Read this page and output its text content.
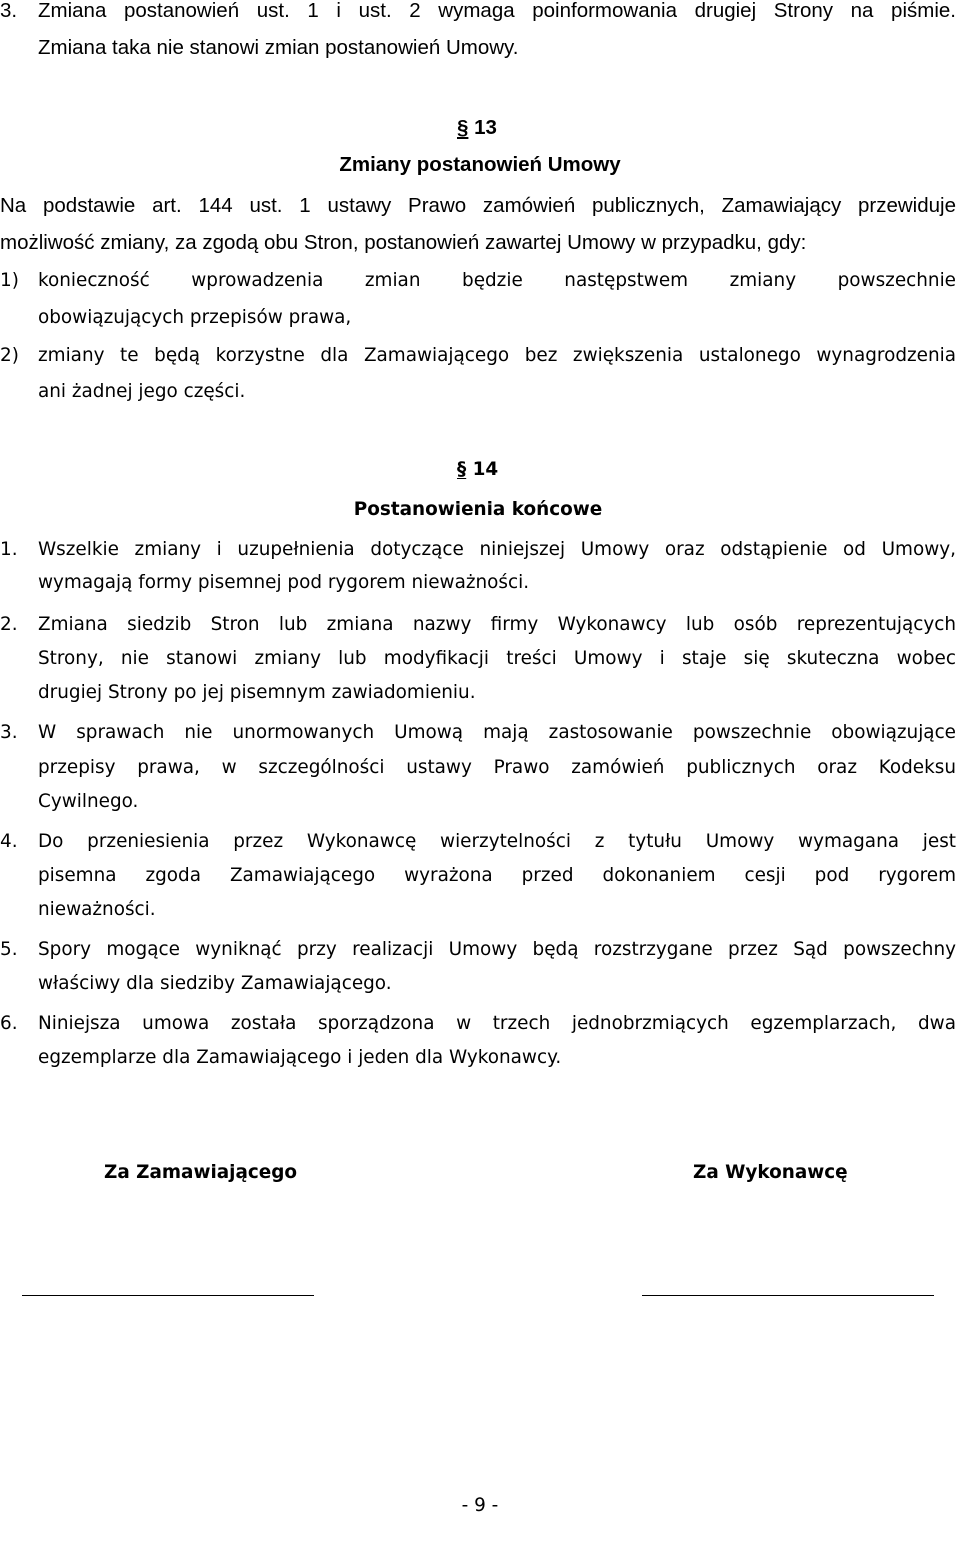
3. Zmiana postanowień ust. 1 i ust. 2 wymaga poinformowania drugiej Strony na piśmie.
Zmiana taka nie stanowi zmian postanowień Umowy.
§ 13
Zmiany postanowień Umowy
Na podstawie art. 144 ust. 1 ustawy Prawo zamówień publicznych, Zamawiający przewiduje
możliwość zmiany, za zgodą obu Stron, postanowień zawartej Umowy w przypadku, gdy:
1) konieczność wprowadzenia zmian będzie następstwem zmiany powszechnie
obowiązujących przepisów prawa,
2) zmiany te będą korzystne dla Zamawiającego bez zwiększenia ustalonego wynagrodzenia
ani żadnej jego części.
§ 14
Postanowienia końcowe
1. Wszelkie zmiany i uzupełnienia dotyczące niniejszej Umowy oraz odstąpienie od Umowy,
wymagają formy pisemnej pod rygorem nieważności.
2. Zmiana siedzib Stron lub zmiana nazwy firmy Wykonawcy lub osób reprezentujących
Strony, nie stanowi zmiany lub modyfikacji treści Umowy i staje się skuteczna wobec
drugiej Strony po jej pisemnym zawiadomieniu.
3. W sprawach nie unormowanych Umową mają zastosowanie powszechnie obowiązujące
przepisy prawa, w szczególności ustawy Prawo zamówień publicznych oraz Kodeksu
Cywilnego.
4. Do przeniesienia przez Wykonawcę wierzytelności z tytułu Umowy wymagana jest
pisemna zgoda Zamawiającego wyrażona przed dokonaniem cesji pod rygorem
nieważności.
5. Spory mogące wyniknąć przy realizacji Umowy będą rozstrzygane przez Sąd powszechny
właściwy dla siedziby Zamawiającego.
6. Niniejsza umowa została sporządzona w trzech jednobrzmiących egzemplarzach, dwa
egzemplarze dla Zamawiającego i jeden dla Wykonawcy.
Za Zamawiającego	Za Wykonawcę
- 9 -
